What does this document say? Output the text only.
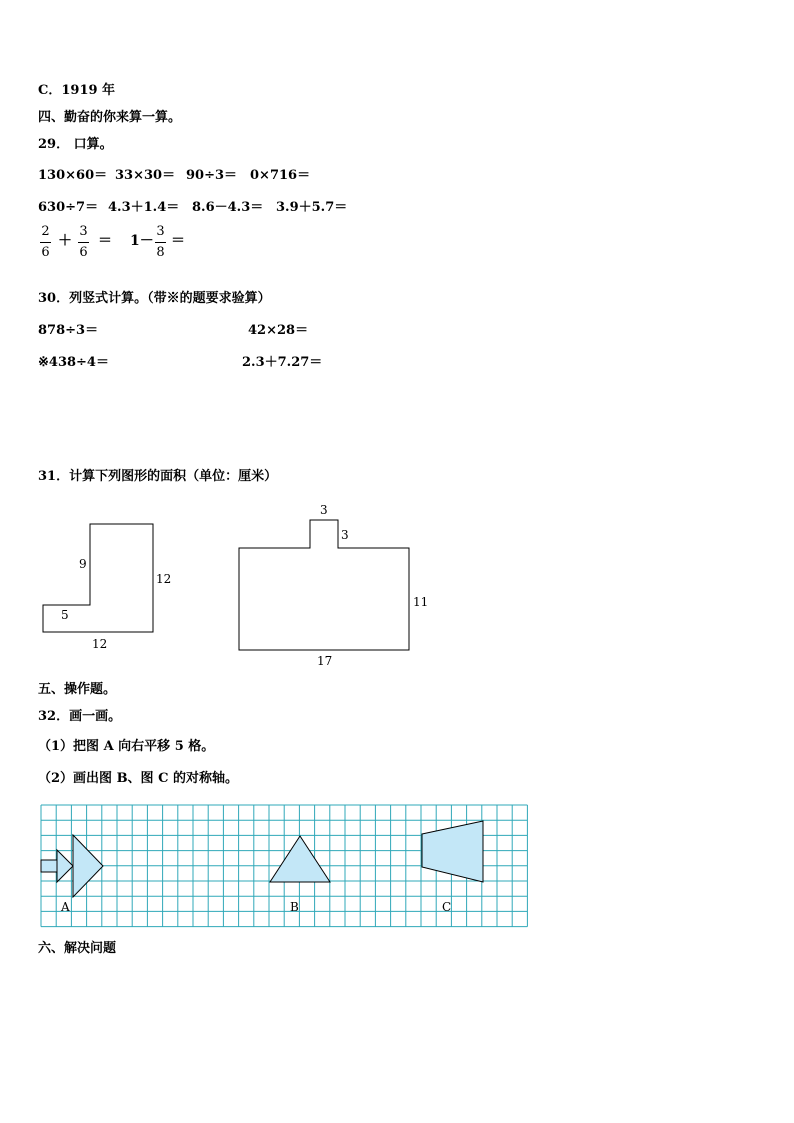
C．1919 年
四、勤奋的你来算一算。
29． 口算。
130×60＝ 33×30＝ 90÷3＝ 0×716＝
630÷7＝ 4.3＋1.4＝ 8.6－4.3＝ 3.9＋5.7＝
2
6
＋
3
6
＝ 1－
3
8
＝
30．列竖式计算。（带※的题要求验算）
878÷3＝	42×28＝
※438÷4＝	2.3＋7.27＝
31．计算下列图形的面积（单位：厘米）
9
12
5
12
3
3
11
17
五、操作题。
32．画一画。
（1）把图 A 向右平移 5 格。
（2）画出图 B、图 C 的对称轴。
A	B	C
六、解决问题
